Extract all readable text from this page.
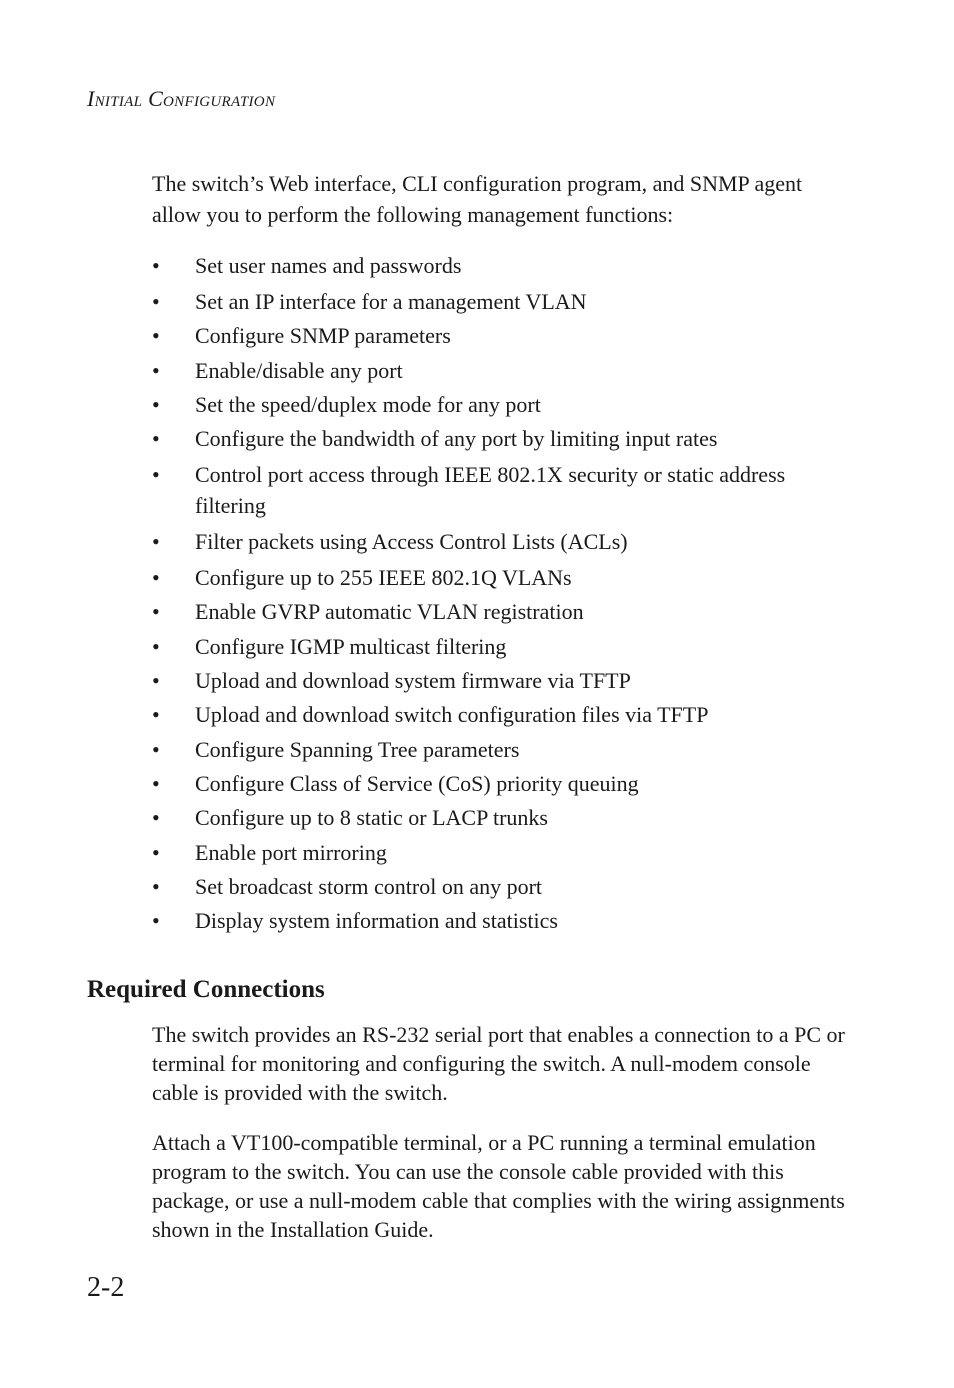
Initial Configuration

The switch’s Web interface, CLI configuration program, and SNMP agent allow you to perform the following management functions:

• Set user names and passwords
• Set an IP interface for a management VLAN
• Configure SNMP parameters
• Enable/disable any port
• Set the speed/duplex mode for any port
• Configure the bandwidth of any port by limiting input rates
• Control port access through IEEE 802.1X security or static address filtering
• Filter packets using Access Control Lists (ACLs)
• Configure up to 255 IEEE 802.1Q VLANs
• Enable GVRP automatic VLAN registration
• Configure IGMP multicast filtering
• Upload and download system firmware via TFTP
• Upload and download switch configuration files via TFTP
• Configure Spanning Tree parameters
• Configure Class of Service (CoS) priority queuing
• Configure up to 8 static or LACP trunks
• Enable port mirroring
• Set broadcast storm control on any port
• Display system information and statistics
Required Connections

The switch provides an RS-232 serial port that enables a connection to a PC or terminal for monitoring and configuring the switch. A null-modem console cable is provided with the switch.

Attach a VT100-compatible terminal, or a PC running a terminal emulation program to the switch. You can use the console cable provided with this package, or use a null-modem cable that complies with the wiring assignments shown in the Installation Guide.

2-2
